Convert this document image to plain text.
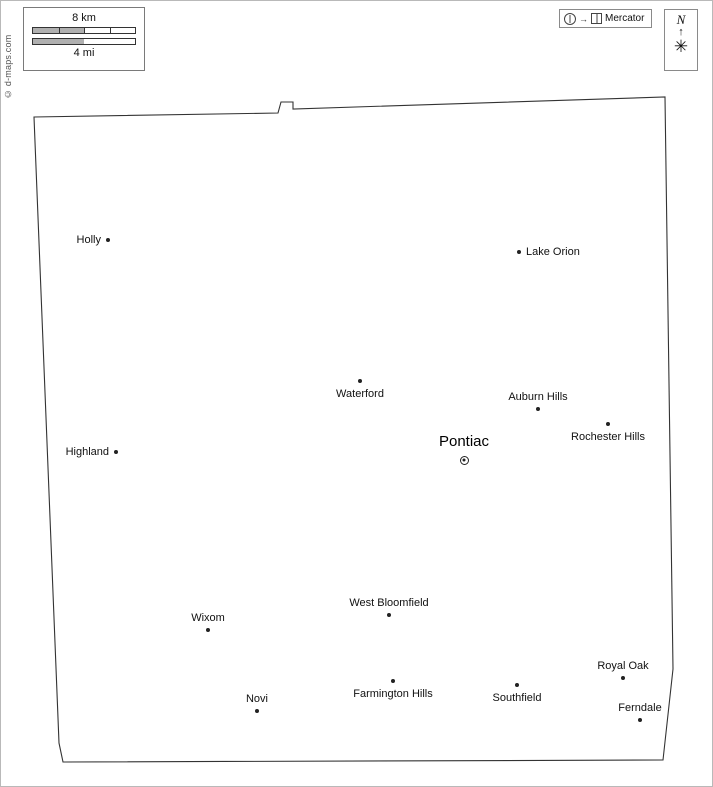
© d-maps.com
8 km
4 mi
→ Mercator	N
↑
✳
Holly
Lake Orion
Waterford	Auburn Hills
Rochester Hills
Highland
Pontiac
West Bloomfield
Wixom
Royal Oak
Farmington Hills	Southfield
Novi
Ferndale
